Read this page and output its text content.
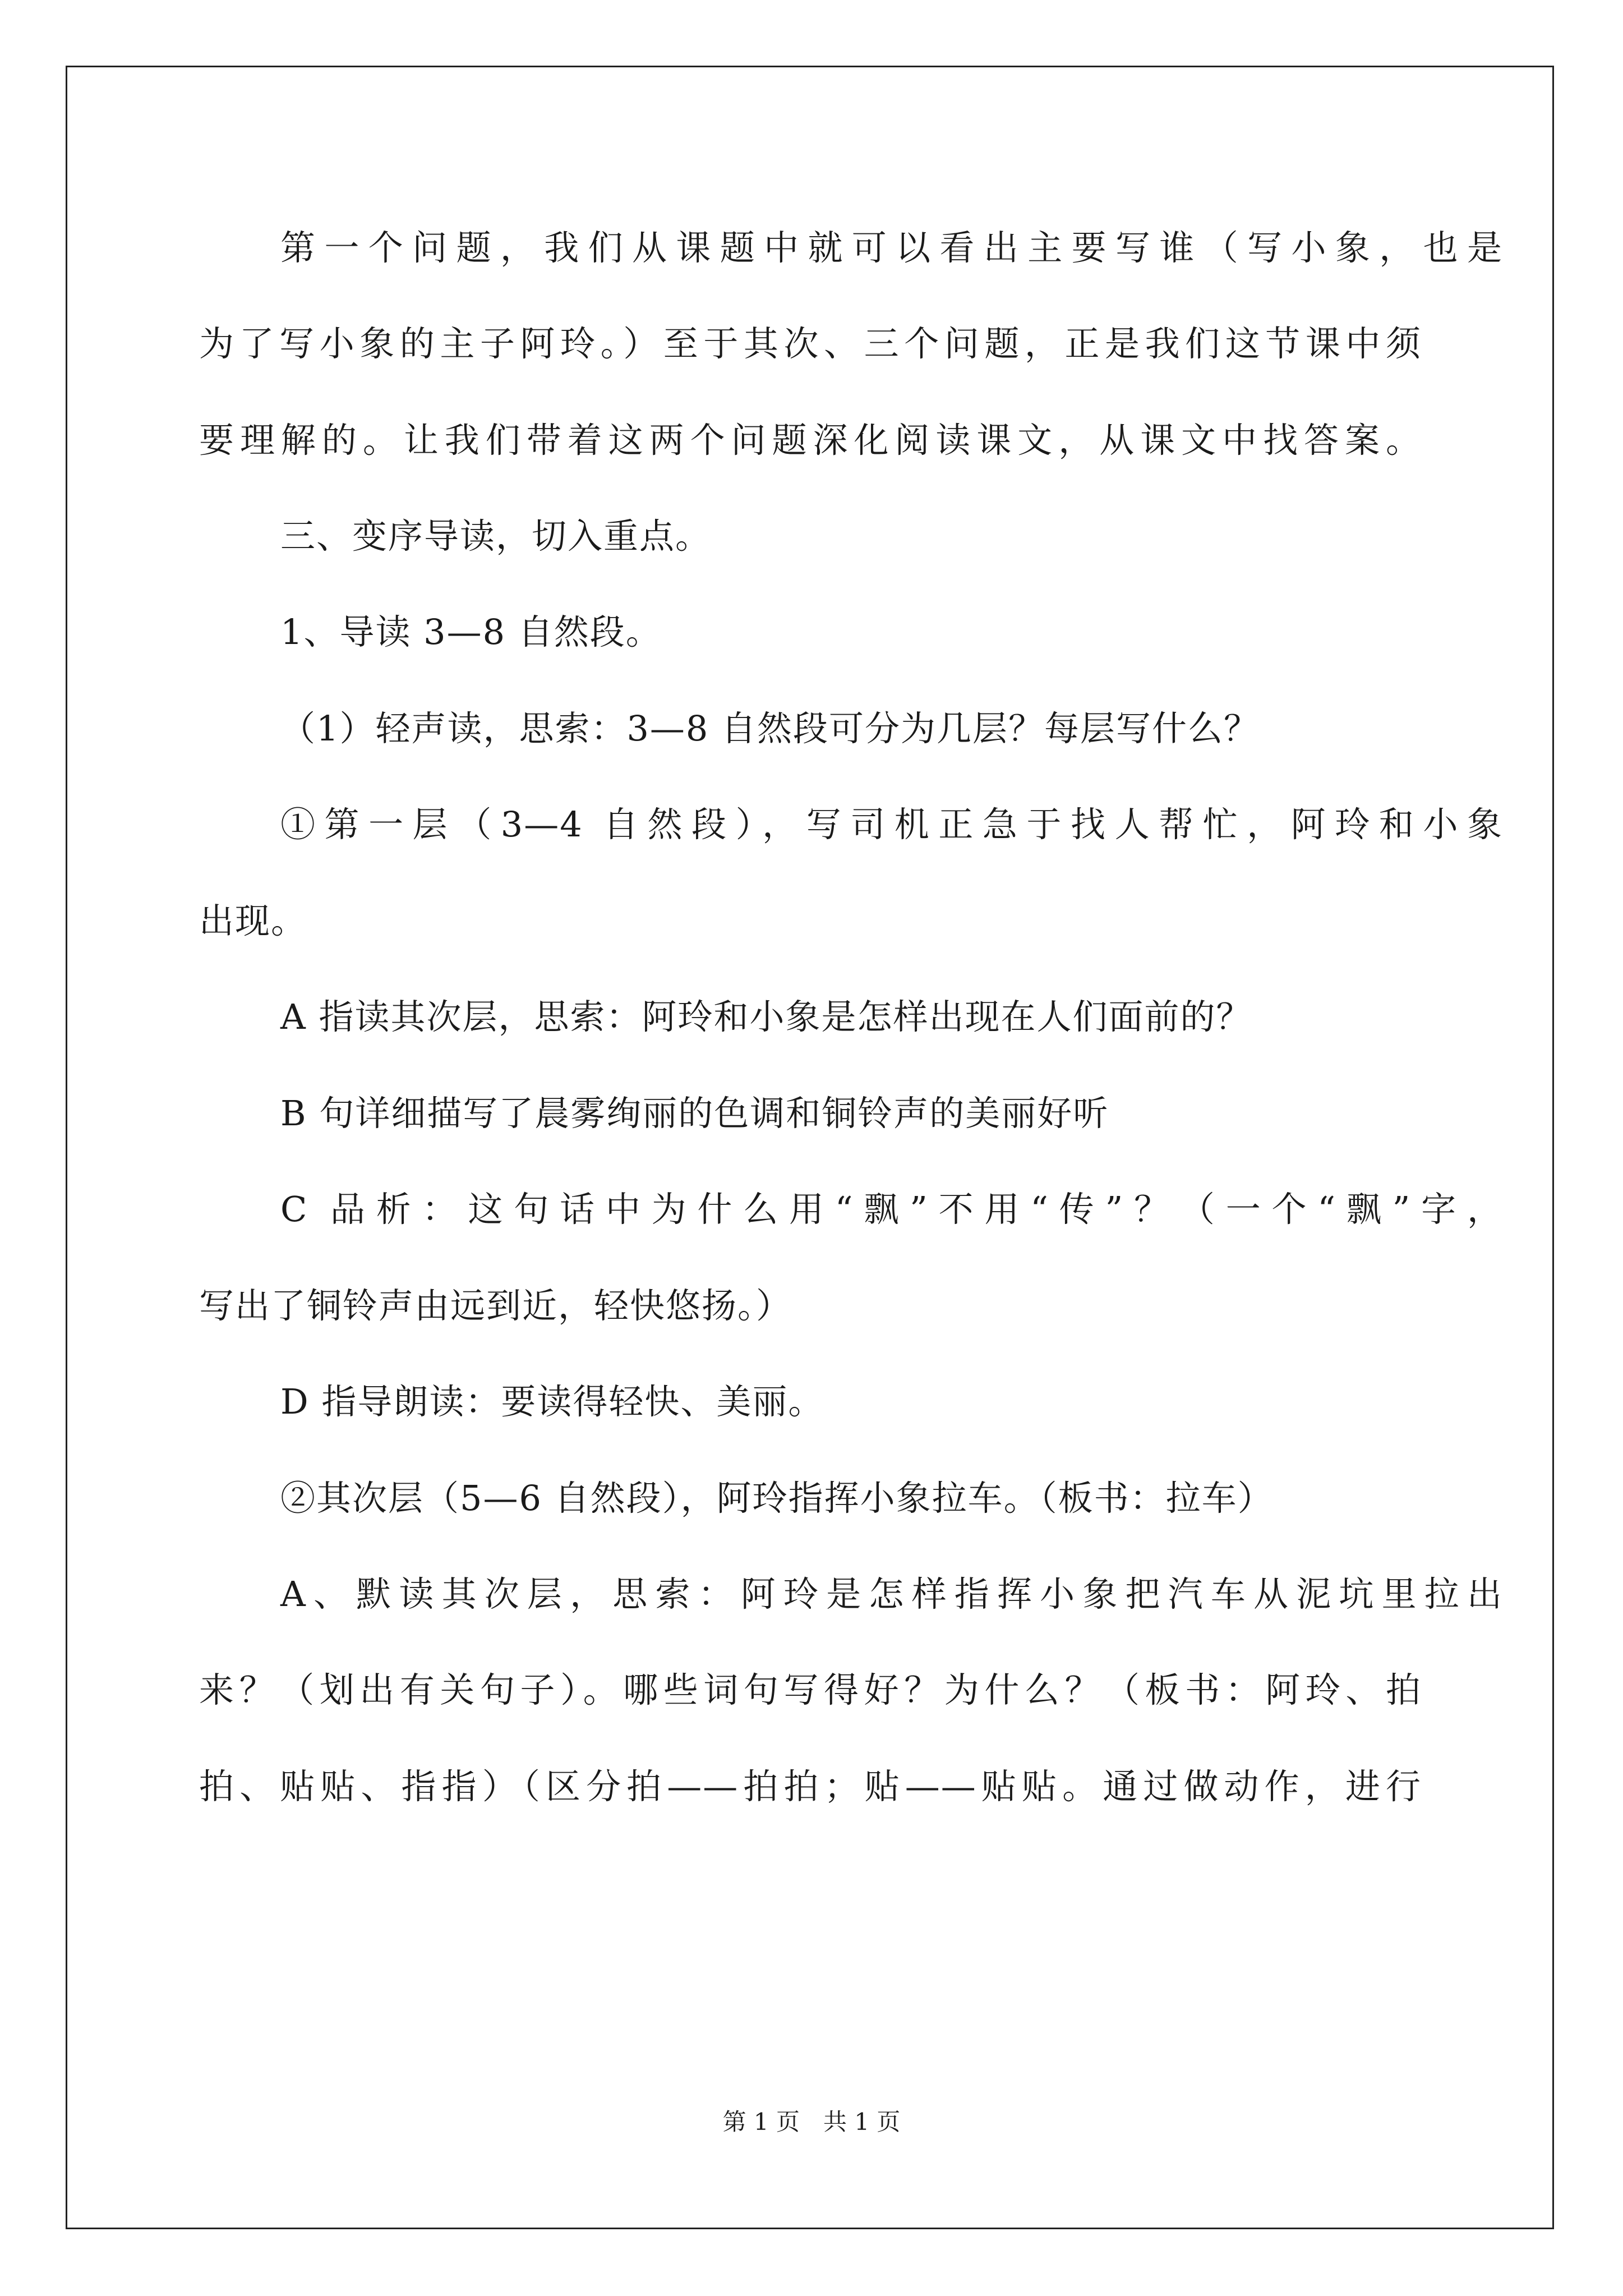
第一个问题，我们从课题中就可以看出主要写谁（写小象，也是
为了写小象的主子阿玲。）至于其次、三个问题，正是我们这节课中须
要理解的。让我们带着这两个问题深化阅读课文，从课文中找答案。
三、变序导读，切入重点。
1、导读 3—8 自然段。
（1）轻声读，思索：3—8 自然段可分为几层？每层写什么？
①第一层（3—4 自然段），写司机正急于找人帮忙，阿玲和小象
出现。
A 指读其次层，思索：阿玲和小象是怎样出现在人们面前的？
B 句详细描写了晨雾绚丽的色调和铜铃声的美丽好听
C 品析：这句话中为什么用“飘”不用“传”？（一个“飘”字，
写出了铜铃声由远到近，轻快悠扬。）
D 指导朗读：要读得轻快、美丽。
②其次层（5—6 自然段），阿玲指挥小象拉车。（板书：拉车）
A、默读其次层，思索：阿玲是怎样指挥小象把汽车从泥坑里拉出
来？（划出有关句子）。哪些词句写得好？为什么？（板书：阿玲、拍
拍、贴贴、指指）（区分拍——拍拍；贴——贴贴。通过做动作，进行
第 1 页　共 1 页
